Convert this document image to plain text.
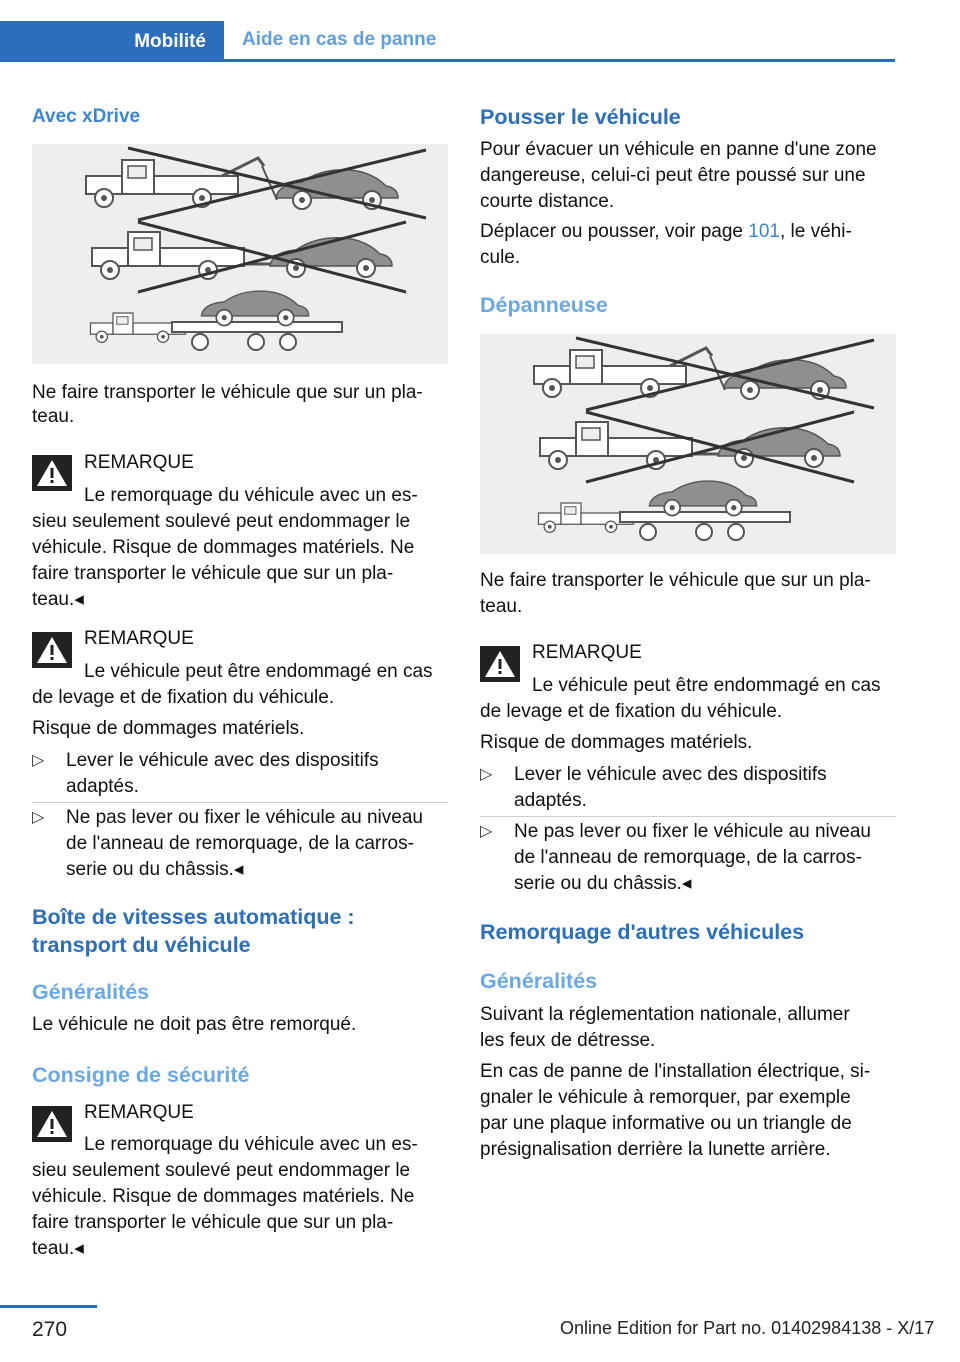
Mobilité	Aide en cas de panne
Avec xDrive
Ne faire transporter le véhicule que sur un pla-
teau.
REMARQUE
Le remorquage du véhicule avec un es-
sieu seulement soulevé peut endommager le
véhicule. Risque de dommages matériels. Ne
faire transporter le véhicule que sur un pla-
teau.◂
REMARQUE
Le véhicule peut être endommagé en cas
de levage et de fixation du véhicule.
Risque de dommages matériels.
▷ Lever le véhicule avec des dispositifs
adaptés.
▷ Ne pas lever ou fixer le véhicule au niveau
de l'anneau de remorquage, de la carros-
serie ou du châssis.◂
Boîte de vitesses automatique :
transport du véhicule
Généralités
Le véhicule ne doit pas être remorqué.
Consigne de sécurité
REMARQUE
Le remorquage du véhicule avec un es-
sieu seulement soulevé peut endommager le
véhicule. Risque de dommages matériels. Ne
faire transporter le véhicule que sur un pla-
teau.◂
Pousser le véhicule
Pour évacuer un véhicule en panne d'une zone
dangereuse, celui-ci peut être poussé sur une
courte distance.
Déplacer ou pousser, voir page 101, le véhi-
cule.
Dépanneuse
Ne faire transporter le véhicule que sur un pla-
teau.
REMARQUE
Le véhicule peut être endommagé en cas
de levage et de fixation du véhicule.
Risque de dommages matériels.
▷ Lever le véhicule avec des dispositifs
adaptés.
▷ Ne pas lever ou fixer le véhicule au niveau
de l'anneau de remorquage, de la carros-
serie ou du châssis.◂
Remorquage d'autres véhicules
Généralités
Suivant la réglementation nationale, allumer
les feux de détresse.
En cas de panne de l'installation électrique, si-
gnaler le véhicule à remorquer, par exemple
par une plaque informative ou un triangle de
présignalisation derrière la lunette arrière.
270	Online Edition for Part no. 01402984138 - X/17
